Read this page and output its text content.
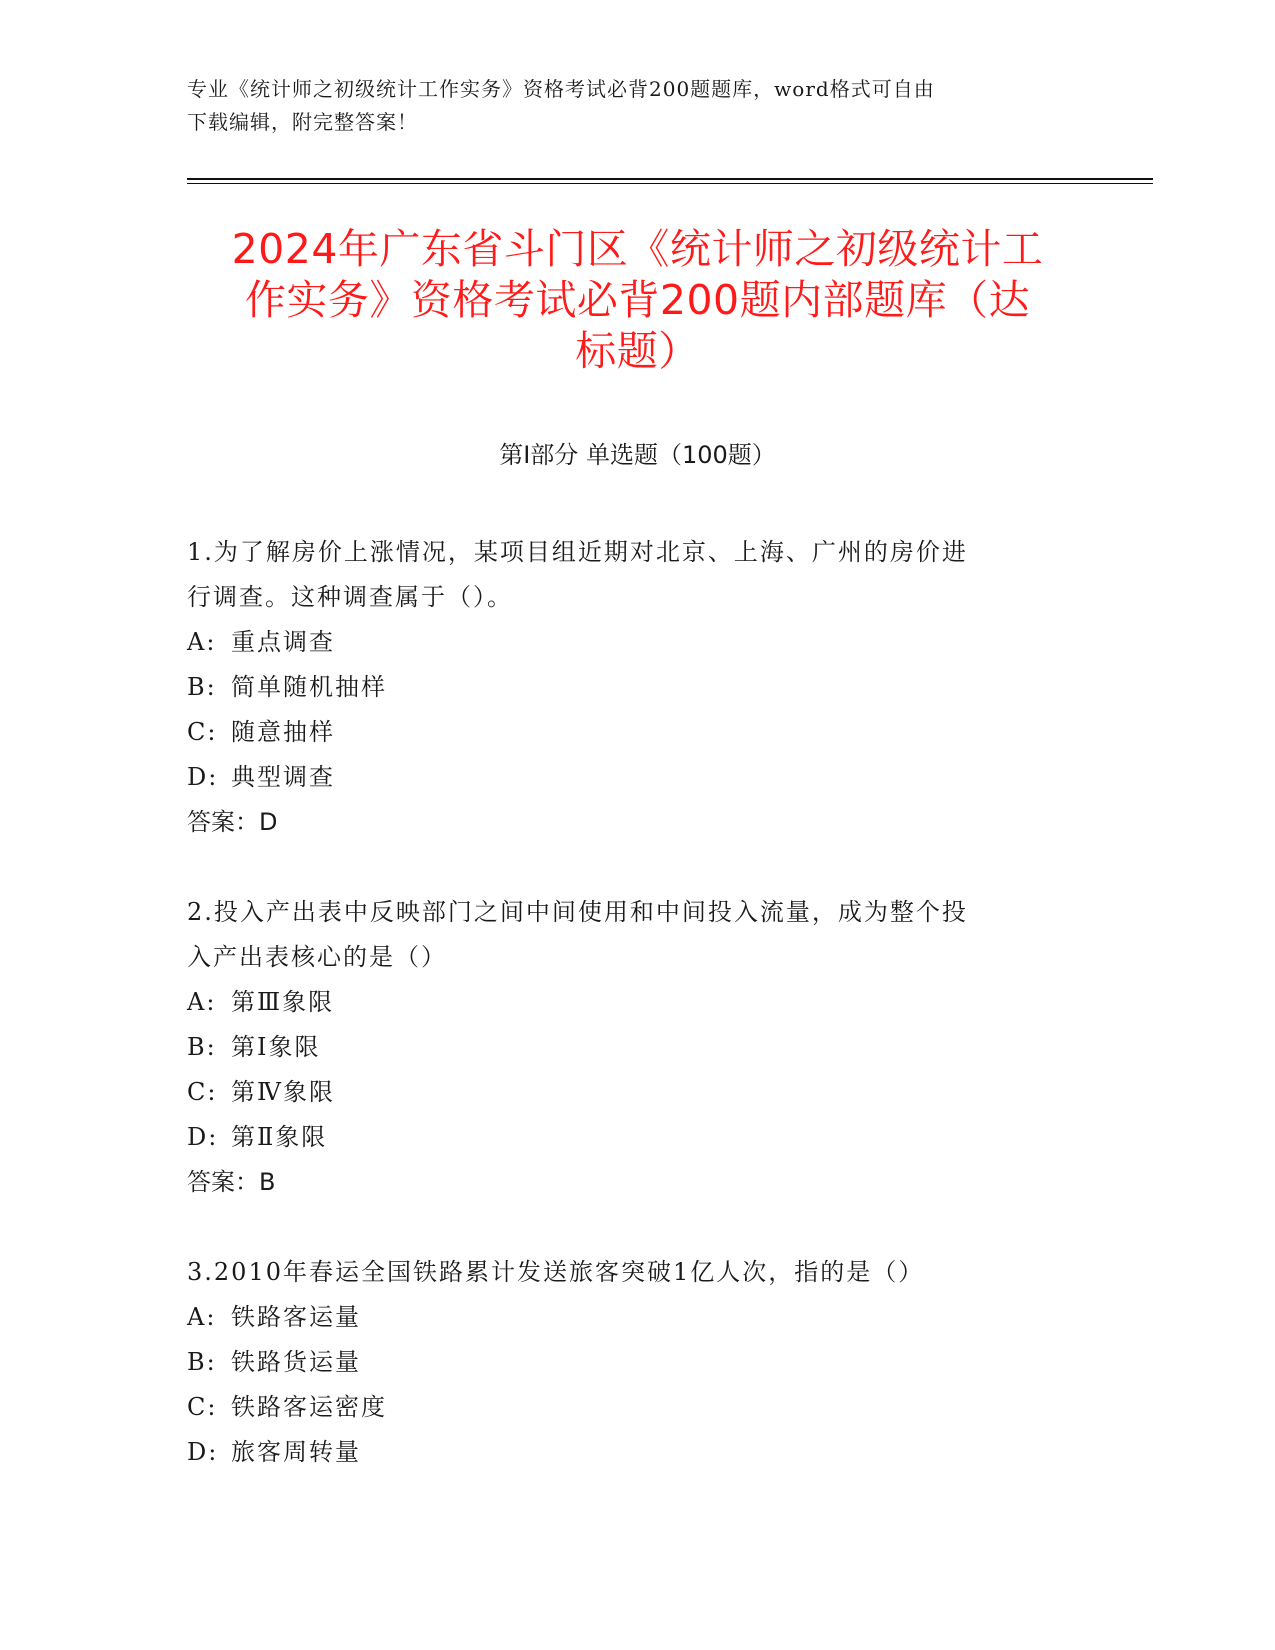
专业《统计师之初级统计工作实务》资格考试必背200题题库，word格式可自由
下载编辑，附完整答案！
2024年广东省斗门区《统计师之初级统计工
作实务》资格考试必背200题内部题库（达
标题）
第I部分 单选题（100题）

1.为了解房价上涨情况，某项目组近期对北京、上海、广州的房价进

行调查。这种调查属于（）。

A: 重点调查

B: 简单随机抽样

C: 随意抽样

D: 典型调查

答案：D

2.投入产出表中反映部门之间中间使用和中间投入流量，成为整个投

入产出表核心的是（）

A: 第Ⅲ象限

B: 第Ⅰ象限

C: 第Ⅳ象限

D: 第Ⅱ象限

答案：B

3.2010年春运全国铁路累计发送旅客突破1亿人次，指的是（）

A: 铁路客运量

B: 铁路货运量

C: 铁路客运密度

D: 旅客周转量
